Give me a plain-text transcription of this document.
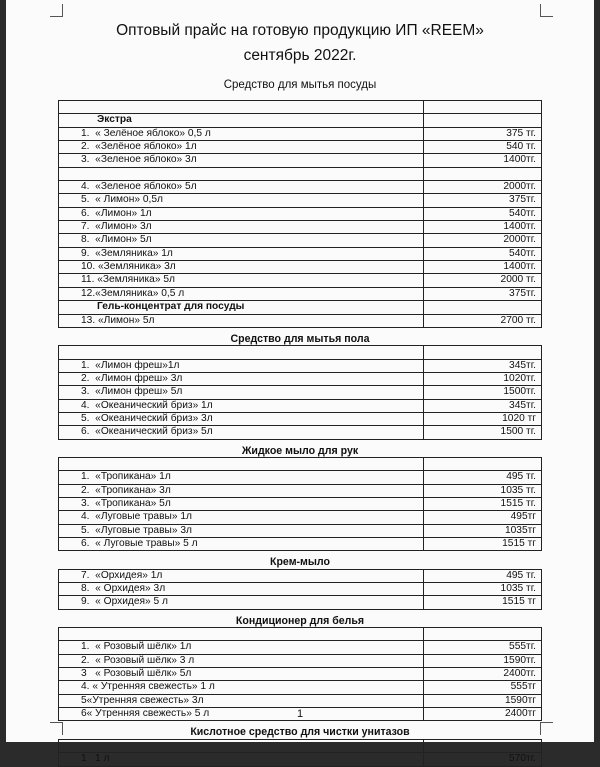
Оптовый прайс на готовую продукцию ИП «REEM»
сентябрь 2022г.
Средство для мытья посуды
Экстра
1.  « Зелёное яблоко» 0,5 л	375 тг.
2.  «Зелёное яблоко» 1л	540 тг.
3.  «Зеленое яблоко» 3л	1400тг.
4.  «Зеленое яблоко» 5л	2000тг.
5.  « Лимон» 0,5л	375тг.
6.  «Лимон» 1л	540тг.
7.  «Лимон» 3л	1400тг.
8.  «Лимон» 5л	2000тг.
9.  «Земляника» 1л	540тг.
10. «Земляника» 3л	1400тг.
11. «Земляника» 5л	2000 тг.
12.«Земляника» 0,5 л	375тг.
Гель-концентрат для посуды
13. «Лимон» 5л	2700 тг.
Средство для мытья пола
1.  «Лимон фреш»1л	345тг.
2.  «Лимон фреш» 3л	1020тг.
3.  «Лимон фреш» 5л	1500тг.
4.  «Океанический бриз» 1л	345тг.
5.  «Океанический бриз» 3л	1020 тг
6.  «Океанический бриз» 5л	1500 тг.
Жидкое мыло для рук
1.  «Тропикана» 1л	495 тг.
2.  «Тропикана» 3л	1035 тг.
3.  «Тропикана» 5л	1515 тг.
4.  «Луговые травы» 1л	495тг
5.  «Луговые травы» 3л	1035тг
6.  « Луговые травы» 5 л	1515 тг
Крем-мыло
7.  «Орхидея» 1л	495 тг.
8.  « Орхидея» 3л	1035 тг.
9.  « Орхидея» 5 л	1515 тг
Кондиционер для белья
1.  « Розовый шёлк» 1л	555тг.
2.  « Розовый шёлк» 3 л	1590тг.
3   « Розовый шёлк» 5л	2400тг.
4. « Утренняя свежесть» 1 л	555тг
5«Утренняя свежесть» 3л	1590тг
6« Утренняя свежесть» 5 л	2400тг
Кислотное средство для чистки унитазов
1   1 л	570тг.
1
